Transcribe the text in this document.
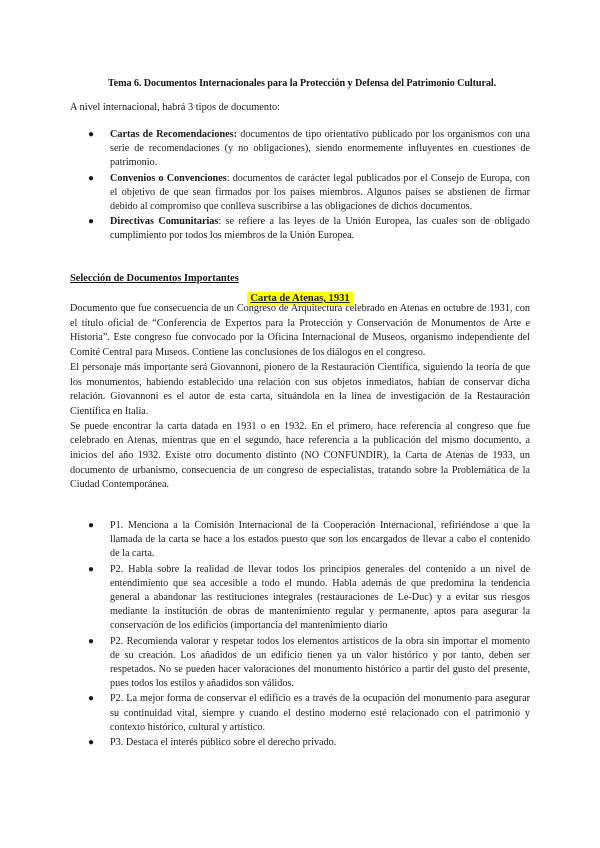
Tema 6. Documentos Internacionales para la Protección y Defensa del Patrimonio Cultural.
A nivel internacional, habrá 3 tipos de documento:
● Cartas de Recomendaciones: documentos de tipo orientativo publicado por los organismos con una serie de recomendaciones (y no obligaciones), siendo enormemente influyentes en cuestiones de patrimonio.
● Convenios o Convenciones: documentos de carácter legal publicados por el Consejo de Europa, con el objetivo de que sean firmados por los países miembros. Algunos países se abstienen de firmar debido al compromiso que conlleva suscribirse a las obligaciones de dichos documentos.
● Directivas Comunitarias: se refiere a las leyes de la Unión Europea, las cuales son de obligado cumplimiento por todos los miembros de la Unión Europea.
Selección de Documentos Importantes
Carta de Atenas, 1931
Documento que fue consecuencia de un Congreso de Arquitectura celebrado en Atenas en octubre de 1931, con el título oficial de “Conferencia de Expertos para la Protección y Conservación de Monumentos de Arte e Historia”. Este congreso fue convocado por la Oficina Internacional de Museos, organismo independiente del Comité Central para Museos. Contiene las conclusiones de los diálogos en el congreso.
El personaje más importante será Giovannoni, pionero de la Restauración Científica, siguiendo la teoría de que los monumentos, habiendo establecido una relación con sus objetos inmediatos, habían de conservar dicha relación. Giovannoni es el autor de esta carta, situándola en la línea de investigación de la Restauración Científica en Italia.
Se puede encontrar la carta datada en 1931 o en 1932. En el primero, hace referencia al congreso que fue celebrado en Atenas, mientras que en el segundo, hace referencia a la publicación del mismo documento, a inicios del año 1932. Existe otro documento distinto (NO CONFUNDIR), la Carta de Atenas de 1933, un documento de urbanismo, consecuencia de un congreso de especialistas, tratando sobre la Problemática de la Ciudad Contemporánea.
● P1. Menciona a la Comisión Internacional de la Cooperación Internacional, refiriéndose a que la llamada de la carta se hace a los estados puesto que son los encargados de llevar a cabo el contenido de la carta.
● P2. Habla sobre la realidad de llevar todos los principios generales del contenido a un nivel de entendimiento que sea accesible a todo el mundo. Habla además de que predomina la tendencia general a abandonar las restituciones integrales (restauraciones de Le-Duc) y a evitar sus riesgos mediante la institución de obras de mantenimiento regular y permanente, aptos para asegurar la conservación de los edificios (importancia del mantenimiento diario
● P2. Recomienda valorar y respetar todos los elementos artísticos de la obra sin importar el momento de su creación. Los añadidos de un edificio tienen ya un valor histórico y por tanto, deben ser respetados. No se pueden hacer valoraciones del monumento histórico a partir del gusto del presente, pues todos los estilos y añadidos son válidos.
● P2. La mejor forma de conservar el edificio es a través de la ocupación del monumento para asegurar su continuidad vital, siempre y cuando el destino moderno esté relacionado con el patrimonio y contexto histórico, cultural y artístico.
● P3. Destaca el interés público sobre el derecho privado.
